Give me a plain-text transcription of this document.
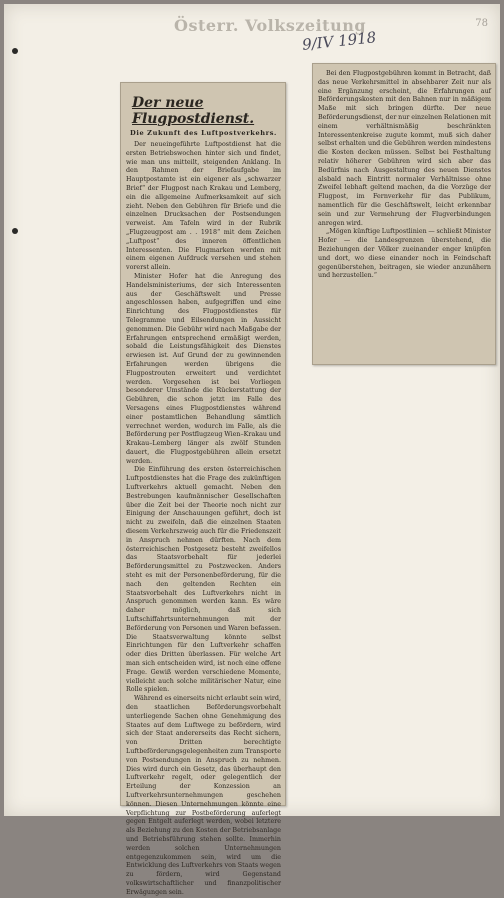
Österr. Volkszeitung
9/IV 1918
78
Der neue Flugpostdienst.
Die Zukunft des Luftpostverkehrs.

Der neueingeführte Luftpostdienst hat die ersten Betriebswochen hinter sich und findet, wie man uns mitteilt, steigenden Anklang. In den Rahmen der Briefaufgabe im Hauptpostamte ist ein eigener als „schwarzer Brief“ der Flugpost nach Krakau und Lemberg, ein die allgemeine Aufmerksamkeit auf sich zieht. Neben den Gebühren für Briefe und die einzelnen Drucksachen der Postsendungen verweist. Am Tafeln wird in der Rubrik „Flugzeugpost am . . 1918“ mit dem Zeichen „Luftpost“ des inneren öffentlichen Interessenten. Die Flugmarken werden mit einem eigenen Aufdruck versehen und stehen vorerst allein.

Minister Hofer hat die Anregung des Handelsministeriums, der sich Interessenten aus der Geschäftswelt und Presse angeschlossen haben, aufgegriffen und eine Einrichtung des Flugpostdienstes für Telegramme und Eilsendungen in Aussicht genommen. Die Gebühr wird nach Maßgabe der Erfahrungen entsprechend ermäßigt werden, sobald die Leistungsfähigkeit des Dienstes erwiesen ist. Auf Grund der zu gewinnenden Erfahrungen werden übrigens die Flugpostrouten erweitert und verdichtet werden. Vorgesehen ist bei Vorliegen besonderer Umstände die Rückerstattung der Gebühren, die schon jetzt im Falle des Versagens eines Flugpostdienstes während einer postamtlichen Behandlung sämtlich verrechnet werden, wodurch im Falle, als die Beförderung per Postflugzeug Wien–Krakau und Krakau–Lemberg länger als zwölf Stunden dauert, die Flugpostgebühren allein ersetzt werden.

Die Einführung des ersten österreichischen Luftpostdienstes hat die Frage des zukünftigen Luftverkehrs aktuell gemacht. Neben den Bestrebungen kaufmännischer Gesellschaften über die Zeit bei der Theorie noch nicht zur Einigung der Anschauungen geführt, doch ist nicht zu zweifeln, daß die einzelnen Staaten diesem Verkehrszweig auch für die Friedenszeit in Anspruch nehmen dürften. Nach dem österreichischen Postgesetz besteht zweifellos das Staatsvorbehalt für jederlei Beförderungsmittel zu Postzwecken. Anders steht es mit der Personenbeförderung, für die nach den geltenden Rechten ein Staatsvorbehalt des Luftverkehrs nicht in Anspruch genommen werden kann. Es wäre daher möglich, daß sich Luftschiffahrtsunternehmungen mit der Beförderung von Personen und Waren befassen. Die Staatsverwaltung könnte selbst Einrichtungen für den Luftverkehr schaffen oder dies Dritten überlassen. Für welche Art man sich entscheiden wird, ist noch eine offene Frage. Gewiß werden verschiedene Momente, vielleicht auch solche militärischer Natur, eine Rolle spielen.

Während es einerseits nicht erlaubt sein wird, den staatlichen Beförderungsvorbehalt unterliegende Sachen ohne Genehmigung des Staates auf dem Luftwege zu befördern, wird sich der Staat andererseits das Recht sichern, von Dritten berechtigte Luftbeförderungsgelegenheiten zum Transporte von Postsendungen in Anspruch zu nehmen. Dies wird durch ein Gesetz, das überhaupt den Luftverkehr regelt, oder gelegentlich der Erteilung der Konzession an Luftverkehrsunternehmungen geschehen können. Diesen Unternehmungen könnte eine Verpflichtung zur Postbeförderung auferlegt gegen Entgelt auferlegt werden, wobei letztere als Beziehung zu den Kosten der Betriebsanlage und Betriebsführung stehen sollte. Immerhin werden solchen Unternehmungen entgegenzukommen sein, wird um die Entwicklung des Luftverkehrs von Staats wegen zu fördern, wird Gegenstand volkswirtschaftlicher und finanzpolitischer Erwägungen sein.

Bei den Flugpostgebühren kommt in Betracht, daß das neue Verkehrsmittel in absehbarer Zeit nur als eine Ergänzung erscheint, die Erfahrungen auf Beförderungskosten mit den Bahnen nur in mäßigem Maße mit sich bringen dürfte. Der neue Beförderungsdienst, der nur einzelnen Relationen mit einem verhältnismäßig beschränkten Interessentenkreise zugute kommt, muß sich daher selbst erhalten und die Gebühren werden mindestens die Kosten decken müssen. Selbst bei Festhaltung relativ höherer Gebühren wird sich aber das Bedürfnis nach Ausgestaltung des neuen Dienstes alsbald nach Eintritt normaler Verhältnisse ohne Zweifel lebhaft geltend machen, da die Vorzüge der Flugpost, im Fernverkehr für das Publikum, namentlich für die Geschäftswelt, leicht erkennbar sein und zur Vermehrung der Flugverbindungen anregen wird.

„Mögen künftige Luftpostlinien — schließt Minister Hofer — die Landesgrenzen überstehend, die Beziehungen der Völker zueinander enger knüpfen und dort, wo diese einander noch in Feindschaft gegenüberstehen, beitragen, sie wieder anzunähern und herzustellen.“
